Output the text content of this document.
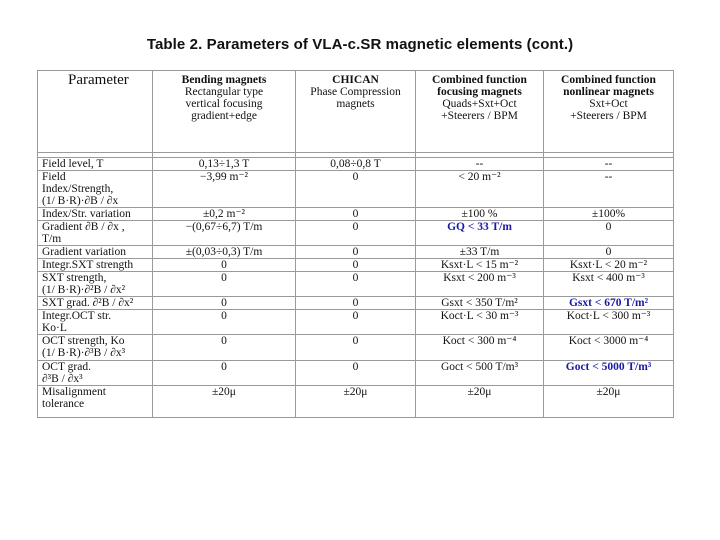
Table 2. Parameters of VLA-c.SR magnetic elements (cont.)
Parameter	Bending magnets
Rectangular type
vertical focusing
gradient+edge	CHICAN
Phase Compression
magnets	Combined function
focusing magnets
Quads+Sxt+Oct
+Steerers / BPM	Combined function
nonlinear magnets
Sxt+Oct
+Steerers / BPM

Field level, T	0,13÷1,3 T	0,08÷0,8 T	--	--
Field
Index/Strength,
(1/ B·R)·∂B / ∂x	−3,99 m⁻²	0	< 20 m⁻²	--
Index/Str. variation	±0,2 m⁻²	0	±100 %	±100%
Gradient ∂B / ∂x ,
T/m	−(0,67÷6,7) T/m	0	GQ < 33 T/m	0
Gradient variation	±(0,03÷0,3) T/m	0	±33 T/m	0
Integr.SXT strength	0	0	Ksxt·L < 15 m⁻²	Ksxt·L < 20 m⁻²
SXT strength,
(1/ B·R)·∂²B / ∂x²	0	0	Ksxt < 200 m⁻³	Ksxt < 400 m⁻³
SXT grad. ∂²B / ∂x²	0	0	Gsxt < 350 T/m²	Gsxt < 670 T/m²
Integr.OCT str.
Ko·L	0	0	Koct·L < 30 m⁻³	Koct·L < 300 m⁻³
OCT strength, Ko
(1/ B·R)·∂³B / ∂x³	0	0	Koct < 300 m⁻⁴	Koct < 3000 m⁻⁴
OCT grad.
∂³B / ∂x³	0	0	Goct < 500 T/m³	Goct < 5000 T/m³
Misalignment
tolerance	±20μ	±20μ	±20μ	±20μ
